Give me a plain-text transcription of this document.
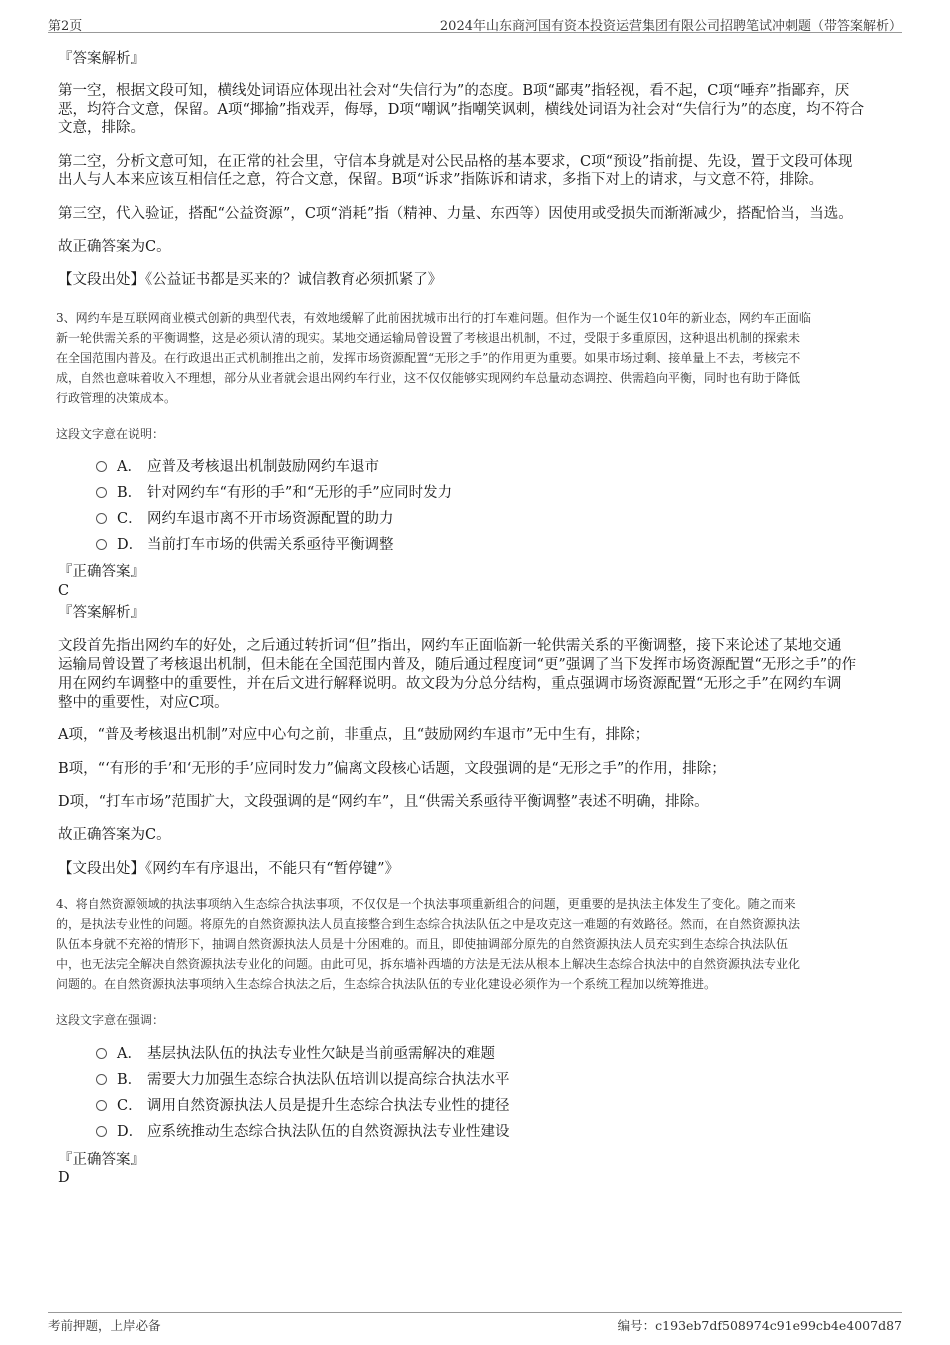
第2页	2024年山东商河国有资本投资运营集团有限公司招聘笔试冲刺题（带答案解析）
『答案解析』
第一空，根据文段可知，横线处词语应体现出社会对“失信行为”的态度。B项“鄙夷”指轻视，看不起，C项“唾弃”指鄙弃，厌
恶，均符合文意，保留。A项“揶揄”指戏弄，侮辱，D项“嘲讽”指嘲笑讽刺，横线处词语为社会对“失信行为”的态度，均不符合
文意，排除。
第二空，分析文意可知，在正常的社会里，守信本身就是对公民品格的基本要求，C项“预设”指前提、先设，置于文段可体现
出人与人本来应该互相信任之意，符合文意，保留。B项“诉求”指陈诉和请求，多指下对上的请求，与文意不符，排除。
第三空，代入验证，搭配“公益资源”，C项“消耗”指（精神、力量、东西等）因使用或受损失而渐渐减少，搭配恰当，当选。
故正确答案为C。
【文段出处】《公益证书都是买来的？诚信教育必须抓紧了》
3、网约车是互联网商业模式创新的典型代表，有效地缓解了此前困扰城市出行的打车难问题。但作为一个诞生仅10年的新业态，网约车正面临
新一轮供需关系的平衡调整，这是必须认清的现实。某地交通运输局曾设置了考核退出机制，不过，受限于多重原因，这种退出机制的探索未
在全国范围内普及。在行政退出正式机制推出之前，发挥市场资源配置“无形之手”的作用更为重要。如果市场过剩、接单量上不去，考核完不
成，自然也意味着收入不理想，部分从业者就会退出网约车行业，这不仅仅能够实现网约车总量动态调控、供需趋向平衡，同时也有助于降低
行政管理的决策成本。
这段文字意在说明：
A． 应普及考核退出机制鼓励网约车退市
B． 针对网约车“有形的手”和“无形的手”应同时发力
C． 网约车退市离不开市场资源配置的助力
D． 当前打车市场的供需关系亟待平衡调整
『正确答案』
C
『答案解析』
文段首先指出网约车的好处，之后通过转折词“但”指出，网约车正面临新一轮供需关系的平衡调整，接下来论述了某地交通
运输局曾设置了考核退出机制，但未能在全国范围内普及，随后通过程度词“更”强调了当下发挥市场资源配置“无形之手”的作
用在网约车调整中的重要性，并在后文进行解释说明。故文段为分总分结构，重点强调市场资源配置“无形之手”在网约车调
整中的重要性，对应C项。
A项，“普及考核退出机制”对应中心句之前，非重点，且“鼓励网约车退市”无中生有，排除；
B项，“‘有形的手’和‘无形的手’应同时发力”偏离文段核心话题，文段强调的是“无形之手”的作用，排除；
D项，“打车市场”范围扩大，文段强调的是“网约车”，且“供需关系亟待平衡调整”表述不明确，排除。
故正确答案为C。
【文段出处】《网约车有序退出，不能只有“暂停键”》
4、将自然资源领域的执法事项纳入生态综合执法事项，不仅仅是一个执法事项重新组合的问题，更重要的是执法主体发生了变化。随之而来
的，是执法专业性的问题。将原先的自然资源执法人员直接整合到生态综合执法队伍之中是攻克这一难题的有效路径。然而，在自然资源执法
队伍本身就不充裕的情形下，抽调自然资源执法人员是十分困难的。而且，即使抽调部分原先的自然资源执法人员充实到生态综合执法队伍
中，也无法完全解决自然资源执法专业化的问题。由此可见，拆东墙补西墙的方法是无法从根本上解决生态综合执法中的自然资源执法专业化
问题的。在自然资源执法事项纳入生态综合执法之后，生态综合执法队伍的专业化建设必须作为一个系统工程加以统筹推进。
这段文字意在强调：
A． 基层执法队伍的执法专业性欠缺是当前亟需解决的难题
B． 需要大力加强生态综合执法队伍培训以提高综合执法水平
C． 调用自然资源执法人员是提升生态综合执法专业性的捷径
D． 应系统推动生态综合执法队伍的自然资源执法专业性建设
『正确答案』
D
考前押题，上岸必备	编号：c193eb7df508974c91e99cb4e4007d87
